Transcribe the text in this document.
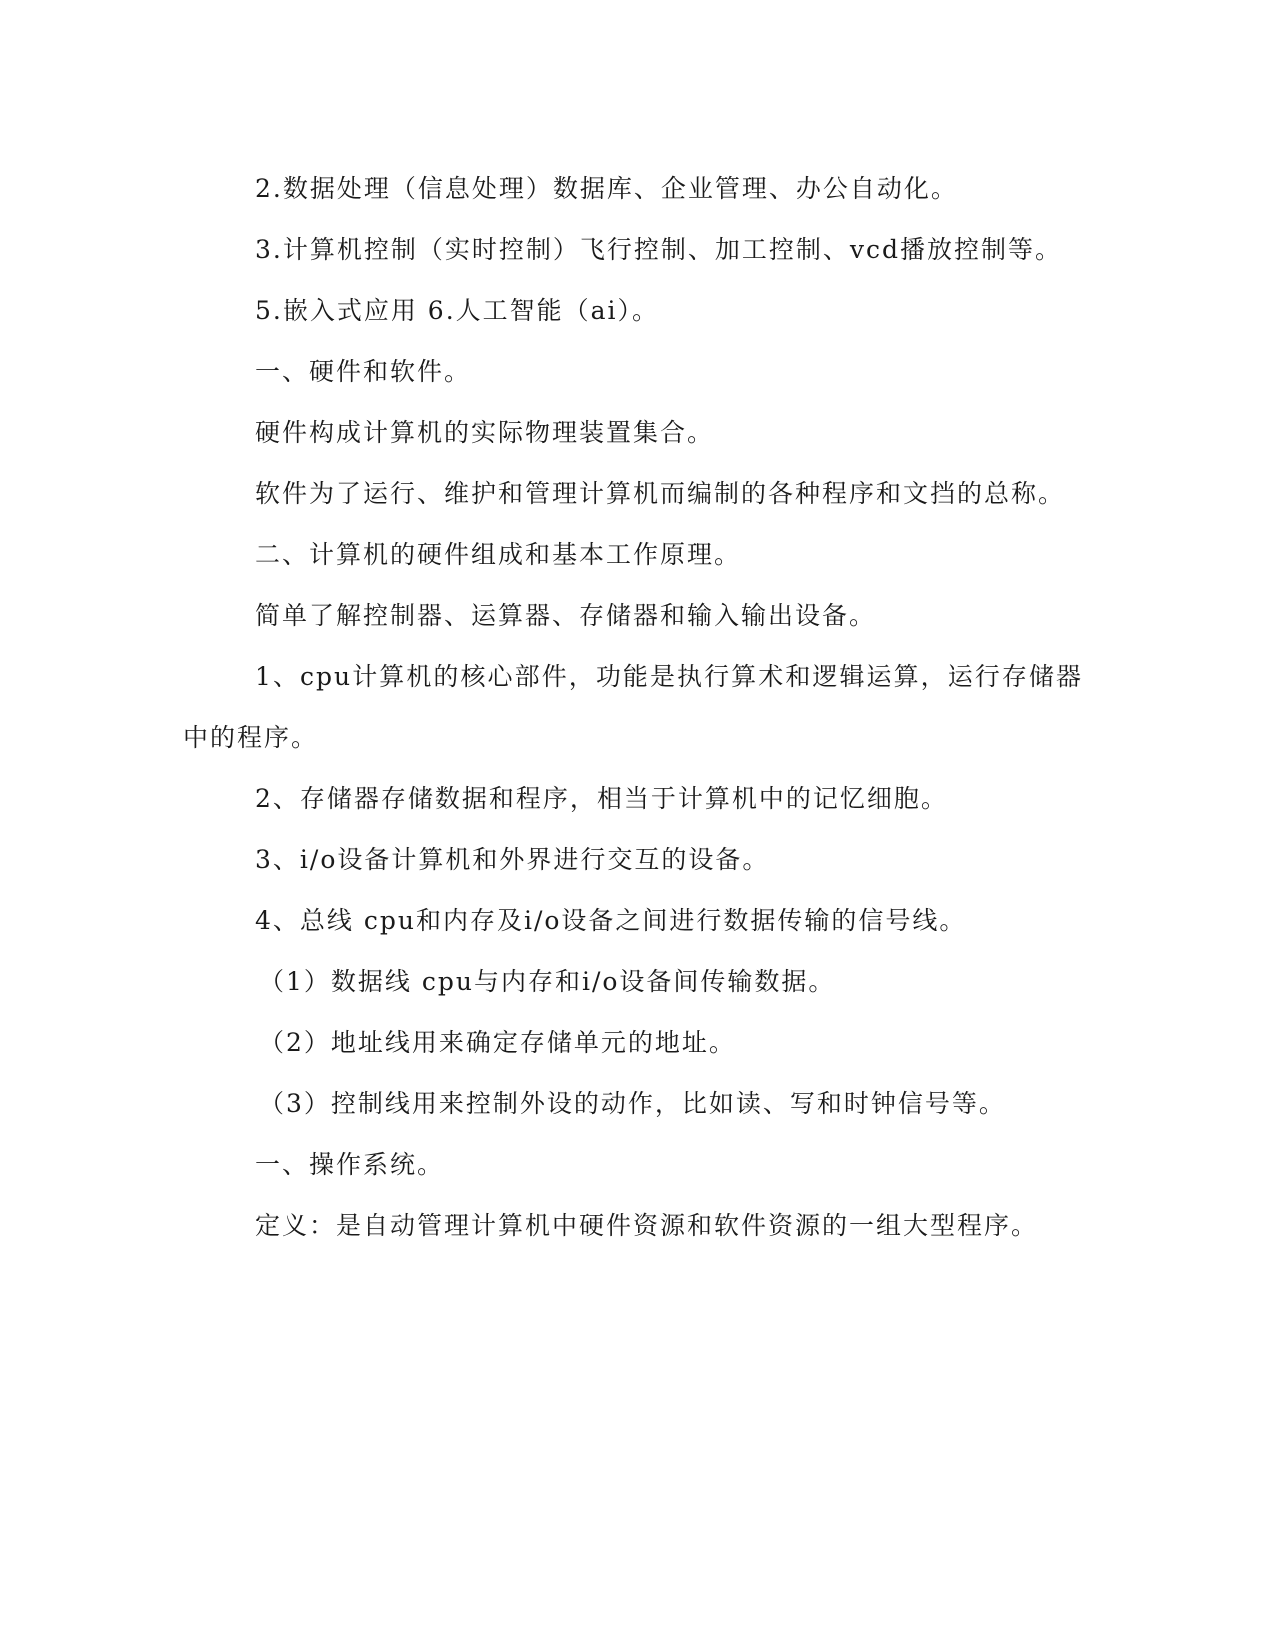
2.数据处理（信息处理）数据库、企业管理、办公自动化。

3.计算机控制（实时控制）飞行控制、加工控制、vcd播放控制等。

5.嵌入式应用 6.人工智能（ai）。

一、硬件和软件。

硬件构成计算机的实际物理装置集合。

软件为了运行、维护和管理计算机而编制的各种程序和文挡的总称。

二、计算机的硬件组成和基本工作原理。

简单了解控制器、运算器、存储器和输入输出设备。

1、cpu计算机的核心部件，功能是执行算术和逻辑运算，运行存储器中的程序。

2、存储器存储数据和程序，相当于计算机中的记忆细胞。

3、i/o设备计算机和外界进行交互的设备。

4、总线 cpu和内存及i/o设备之间进行数据传输的信号线。

（1）数据线 cpu与内存和i/o设备间传输数据。

（2）地址线用来确定存储单元的地址。

（3）控制线用来控制外设的动作，比如读、写和时钟信号等。

一、操作系统。

定义：是自动管理计算机中硬件资源和软件资源的一组大型程序。
